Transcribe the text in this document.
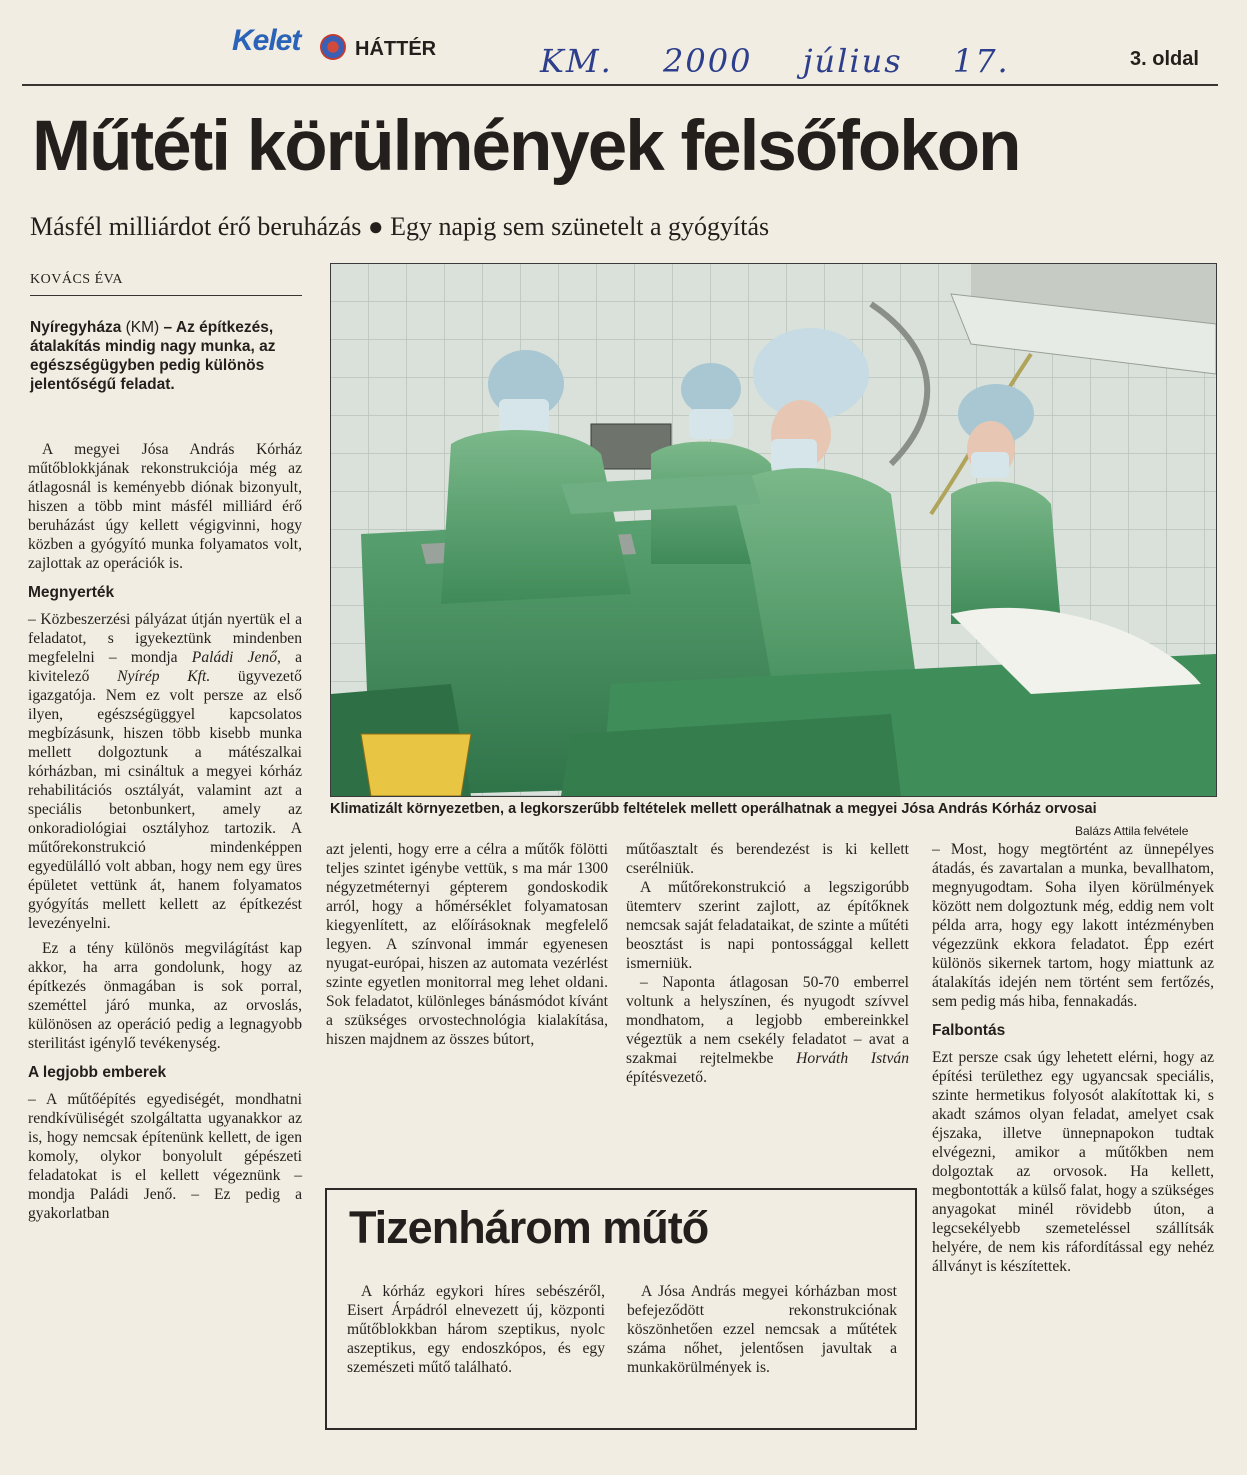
Kelet	HÁTTÉR	KM. 2000 július 17.	3. oldal
Műtéti körülmények felsőfokon
Másfél milliárdot érő beruházás ● Egy napig sem szünetelt a gyógyítás
KOVÁCS ÉVA
Nyíregyháza (KM) – Az építkezés, átalakítás mindig nagy munka, az egészségügyben pedig különös jelentőségű feladat.

A megyei Jósa András Kórház műtőblokkjának rekonstrukciója még az átlagosnál is keményebb diónak bizonyult, hiszen a több mint másfél milliárd érő beruházást úgy kellett végigvinni, hogy közben a gyógyító munka folyamatos volt, zajlottak az operációk is.

Megnyerték

– Közbeszerzési pályázat útján nyertük el a feladatot, s igyekeztünk mindenben megfelelni – mondja Paládi Jenő, a kivitelező Nyírép Kft. ügyvezető igazgatója. Nem ez volt persze az első ilyen, egészségüggyel kapcsolatos megbízásunk, hiszen több kisebb munka mellett dolgoztunk a mátészalkai kórházban, mi csináltuk a megyei kórház rehabilitációs osztályát, valamint azt a speciális betonbunkert, amely az onkoradiológiai osztályhoz tartozik. A műtőrekonstrukció mindenképpen egyedülálló volt abban, hogy nem egy üres épületet vettünk át, hanem folyamatos gyógyítás mellett kellett az építkezést levezényelni.

Ez a tény különös megvilágítást kap akkor, ha arra gondolunk, hogy az építkezés önmagában is sok porral, szeméttel járó munka, az orvoslás, különösen az operáció pedig a legnagyobb sterilitást igénylő tevékenység.

A legjobb emberek

– A műtőépítés egyediségét, mondhatni rendkívüliségét szolgáltatta ugyanakkor az is, hogy nemcsak építenünk kellett, de igen komoly, olykor bonyolult gépészeti feladatokat is el kellett végeznünk – mondja Paládi Jenő. – Ez pedig a gyakorlatban

Klimatizált környezetben, a legkorszerűbb feltételek mellett operálhatnak a megyei Jósa András Kórház orvosai
Balázs Attila felvétele

azt jelenti, hogy erre a célra a műtők fölötti teljes szintet igénybe vettük, s ma már 1300 négyzetméternyi gépterem gondoskodik arról, hogy a hőmérséklet folyamatosan kiegyenlített, az előírásoknak megfelelő legyen. A színvonal immár egyenesen nyugat-európai, hiszen az automata vezérlést szinte egyetlen monitorral meg lehet oldani. Sok feladatot, különleges bánásmódot kívánt a szükséges orvostechnológia kialakítása, hiszen majdnem az összes bútort,

műtőasztalt és berendezést is ki kellett cserélniük.

A műtőrekonstrukció a legszigorúbb ütemterv szerint zajlott, az építőknek nemcsak saját feladataikat, de szinte a műtéti beosztást is napi pontossággal kellett ismerniük.

– Naponta átlagosan 50-70 emberrel voltunk a helyszínen, és nyugodt szívvel mondhatom, a legjobb embereinkkel végeztük a nem csekély feladatot – avat a szakmai rejtelmekbe Horváth István építésvezető.

– Most, hogy megtörtént az ünnepélyes átadás, és zavartalan a munka, bevallhatom, megnyugodtam. Soha ilyen körülmények között nem dolgoztunk még, eddig nem volt példa arra, hogy egy lakott intézményben végezzünk ekkora feladatot. Épp ezért különös sikernek tartom, hogy miattunk az átalakítás idején nem történt sem fertőzés, sem pedig más hiba, fennakadás.

Falbontás

Ezt persze csak úgy lehetett elérni, hogy az építési területhez egy ugyancsak speciális, szinte hermetikus folyosót alakítottak ki, s akadt számos olyan feladat, amelyet csak éjszaka, illetve ünnepnapokon tudtak elvégezni, amikor a műtőkben nem dolgoztak az orvosok. Ha kellett, megbontották a külső falat, hogy a szükséges anyagokat minél rövidebb úton, a legcsekélyebb szemeteléssel szállítsák helyére, de nem kis ráfordítással egy nehéz állványt is készítettek.

Tizenhárom műtő

A kórház egykori híres sebészéről, Eisert Árpádról elnevezett új, központi műtőblokkban három szeptikus, nyolc aszeptikus, egy endoszkópos, és egy szemészeti műtő található.

A Jósa András megyei kórházban most befejeződött rekonstrukciónak köszönhetően ezzel nemcsak a műtétek száma nőhet, jelentősen javultak a munkakörülmények is.
